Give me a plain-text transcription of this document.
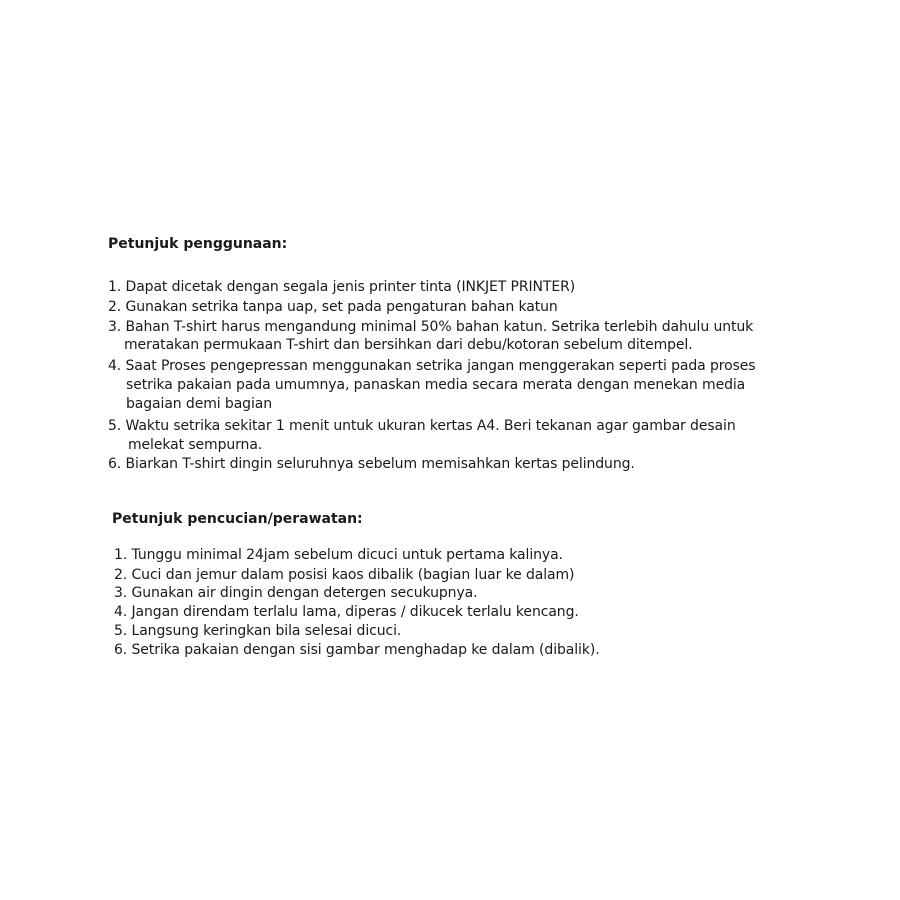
Petunjuk penggunaan:
1. Dapat dicetak dengan segala jenis printer tinta (INKJET PRINTER)
2. Gunakan setrika tanpa uap, set pada pengaturan bahan katun
3. Bahan T-shirt harus mengandung minimal 50% bahan katun. Setrika terlebih dahulu untuk
meratakan permukaan T-shirt dan bersihkan dari debu/kotoran sebelum ditempel.
4. Saat Proses pengepressan menggunakan setrika jangan menggerakan seperti pada proses
setrika pakaian pada umumnya, panaskan media secara merata dengan menekan media
bagaian demi bagian
5. Waktu setrika sekitar 1 menit untuk ukuran kertas A4. Beri tekanan agar gambar desain
melekat sempurna.
6. Biarkan T-shirt dingin seluruhnya sebelum memisahkan kertas pelindung.
Petunjuk pencucian/perawatan:
1. Tunggu minimal 24jam sebelum dicuci untuk pertama kalinya.
2. Cuci dan jemur dalam posisi kaos dibalik (bagian luar ke dalam)
3. Gunakan air dingin dengan detergen secukupnya.
4. Jangan direndam terlalu lama, diperas / dikucek terlalu kencang.
5. Langsung keringkan bila selesai dicuci.
6. Setrika pakaian dengan sisi gambar menghadap ke dalam (dibalik).
